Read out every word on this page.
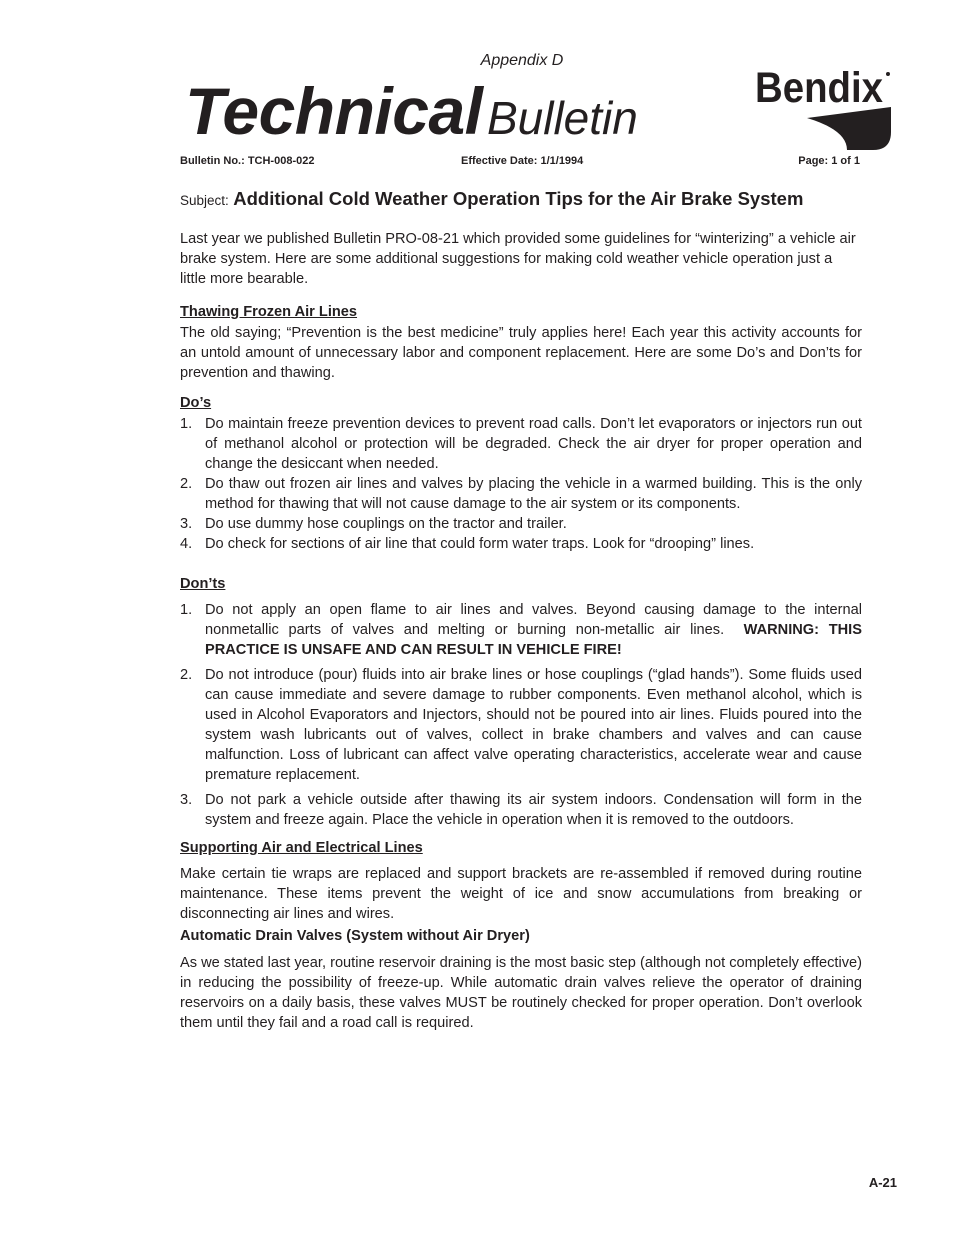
Appendix D
Technical Bulletin
Bendix
Bulletin No.: TCH-008-022	Effective Date: 1/1/1994	Page: 1 of 1
Subject: Additional Cold Weather Operation Tips for the Air Brake System

Last year we published Bulletin PRO-08-21 which provided some guidelines for “winterizing” a vehicle air brake system. Here are some additional suggestions for making cold weather vehicle operation just a little more bearable.

Thawing Frozen Air Lines

The old saying; “Prevention is the best medicine” truly applies here! Each year this activity accounts for an untold amount of unnecessary labor and component replacement. Here are some Do’s and Don’ts for prevention and thawing.

Do’s
1. Do maintain freeze prevention devices to prevent road calls. Don’t let evaporators or injectors run out of methanol alcohol or protection will be degraded. Check the air dryer for proper operation and change the desiccant when needed.
2. Do thaw out frozen air lines and valves by placing the vehicle in a warmed building. This is the only method for thawing that will not cause damage to the air system or its components.
3. Do use dummy hose couplings on the tractor and trailer.
4. Do check for sections of air line that could form water traps. Look for “drooping” lines.
Don’ts
1. Do not apply an open flame to air lines and valves. Beyond causing damage to the internal nonmetallic parts of valves and melting or burning non-metallic air lines. WARNING: THIS PRACTICE IS UNSAFE AND CAN RESULT IN VEHICLE FIRE!
2. Do not introduce (pour) fluids into air brake lines or hose couplings (“glad hands”). Some fluids used can cause immediate and severe damage to rubber components. Even methanol alcohol, which is used in Alcohol Evaporators and Injectors, should not be poured into air lines. Fluids poured into the system wash lubricants out of valves, collect in brake chambers and valves and can cause malfunction. Loss of lubricant can affect valve operating characteristics, accelerate wear and cause premature replacement.
3. Do not park a vehicle outside after thawing its air system indoors. Condensation will form in the system and freeze again. Place the vehicle in operation when it is removed to the outdoors.
Supporting Air and Electrical Lines

Make certain tie wraps are replaced and support brackets are re-assembled if removed during routine maintenance. These items prevent the weight of ice and snow accumulations from breaking or disconnecting air lines and wires.

Automatic Drain Valves (System without Air Dryer)

As we stated last year, routine reservoir draining is the most basic step (although not completely effective) in reducing the possibility of freeze-up. While automatic drain valves relieve the operator of draining reservoirs on a daily basis, these valves MUST be routinely checked for proper operation. Don’t overlook them until they fail and a road call is required.

A-21
